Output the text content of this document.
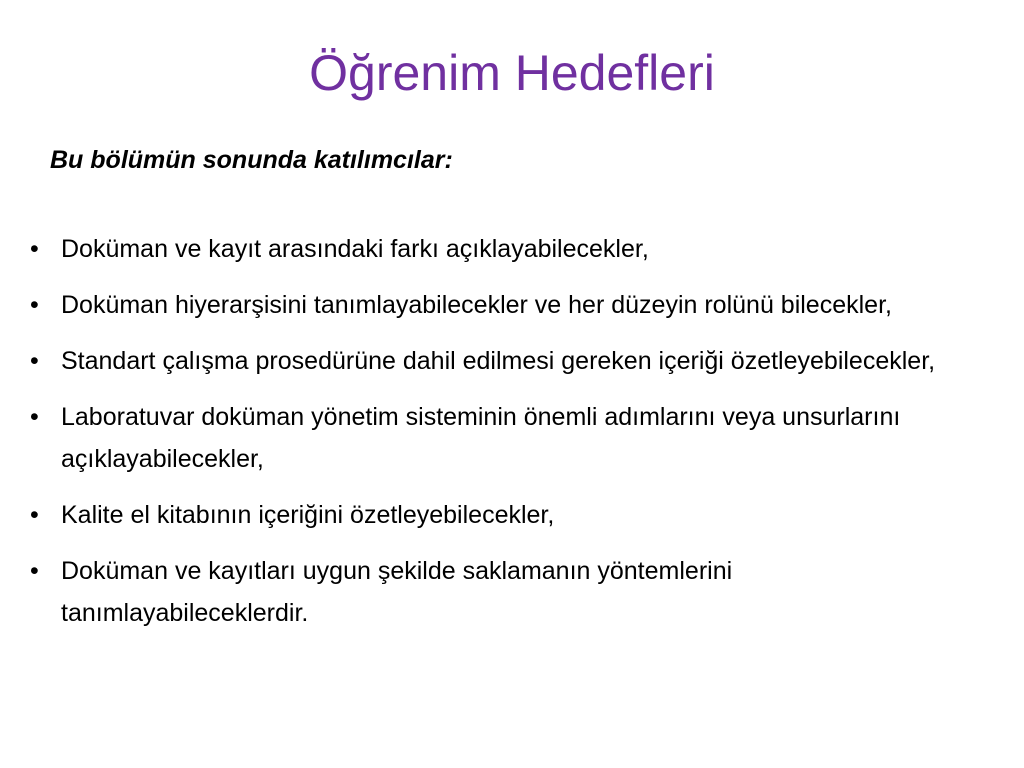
Öğrenim Hedefleri

Bu bölümün sonunda katılımcılar:

• Doküman ve kayıt arasındaki farkı açıklayabilecekler,
• Doküman hiyerarşisini tanımlayabilecekler ve her düzeyin rolünü bilecekler,
• Standart çalışma prosedürüne dahil edilmesi gereken içeriği özetleyebilecekler,
• Laboratuvar doküman yönetim sisteminin önemli adımlarını veya unsurlarını açıklayabilecekler,
• Kalite el kitabının içeriğini özetleyebilecekler,
• Doküman ve kayıtları uygun şekilde saklamanın yöntemlerini tanımlayabileceklerdir.
